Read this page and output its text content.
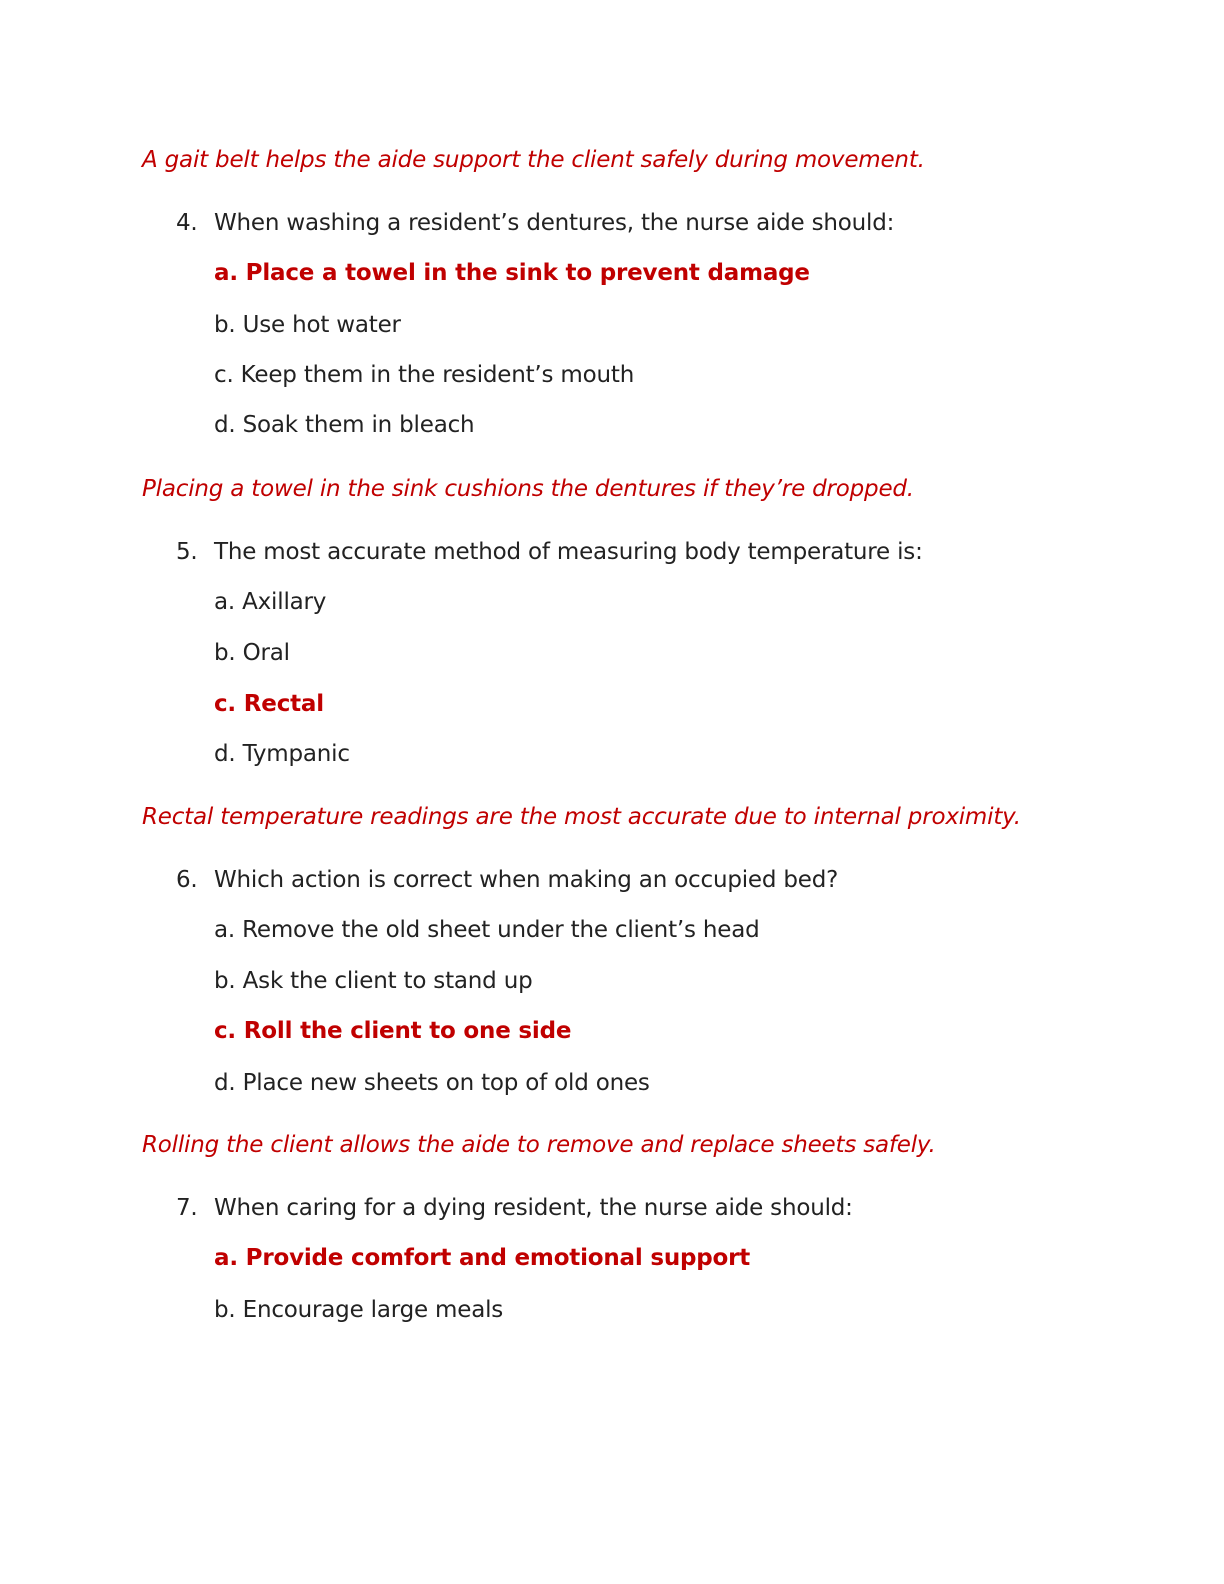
A gait belt helps the aide support the client safely during movement.
4. When washing a resident’s dentures, the nurse aide should:
a. Place a towel in the sink to prevent damage
b. Use hot water
c. Keep them in the resident’s mouth
d. Soak them in bleach
Placing a towel in the sink cushions the dentures if they’re dropped.
5. The most accurate method of measuring body temperature is:
a. Axillary
b. Oral
c. Rectal
d. Tympanic
Rectal temperature readings are the most accurate due to internal proximity.
6. Which action is correct when making an occupied bed?
a. Remove the old sheet under the client’s head
b. Ask the client to stand up
c. Roll the client to one side
d. Place new sheets on top of old ones
Rolling the client allows the aide to remove and replace sheets safely.
7. When caring for a dying resident, the nurse aide should:
a. Provide comfort and emotional support
b. Encourage large meals
